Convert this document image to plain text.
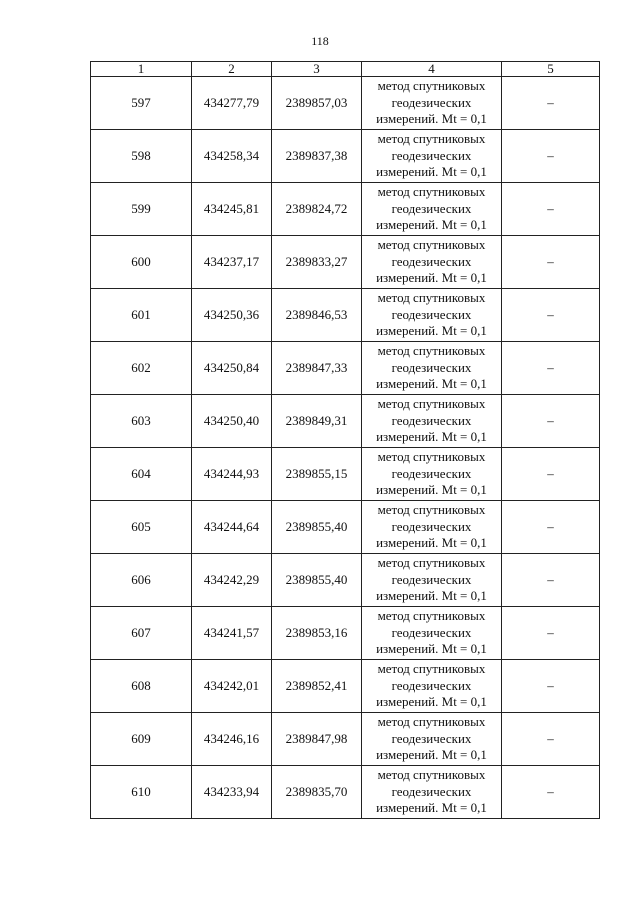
118
1	2	3	4	5
597	434277,79	2389857,03	метод спутниковых
геодезических
измерений. Mt = 0,1	–
598	434258,34	2389837,38	метод спутниковых
геодезических
измерений. Mt = 0,1	–
599	434245,81	2389824,72	метод спутниковых
геодезических
измерений. Mt = 0,1	–
600	434237,17	2389833,27	метод спутниковых
геодезических
измерений. Mt = 0,1	–
601	434250,36	2389846,53	метод спутниковых
геодезических
измерений. Mt = 0,1	–
602	434250,84	2389847,33	метод спутниковых
геодезических
измерений. Mt = 0,1	–
603	434250,40	2389849,31	метод спутниковых
геодезических
измерений. Mt = 0,1	–
604	434244,93	2389855,15	метод спутниковых
геодезических
измерений. Mt = 0,1	–
605	434244,64	2389855,40	метод спутниковых
геодезических
измерений. Mt = 0,1	–
606	434242,29	2389855,40	метод спутниковых
геодезических
измерений. Mt = 0,1	–
607	434241,57	2389853,16	метод спутниковых
геодезических
измерений. Mt = 0,1	–
608	434242,01	2389852,41	метод спутниковых
геодезических
измерений. Mt = 0,1	–
609	434246,16	2389847,98	метод спутниковых
геодезических
измерений. Mt = 0,1	–
610	434233,94	2389835,70	метод спутниковых
геодезических
измерений. Mt = 0,1	–
